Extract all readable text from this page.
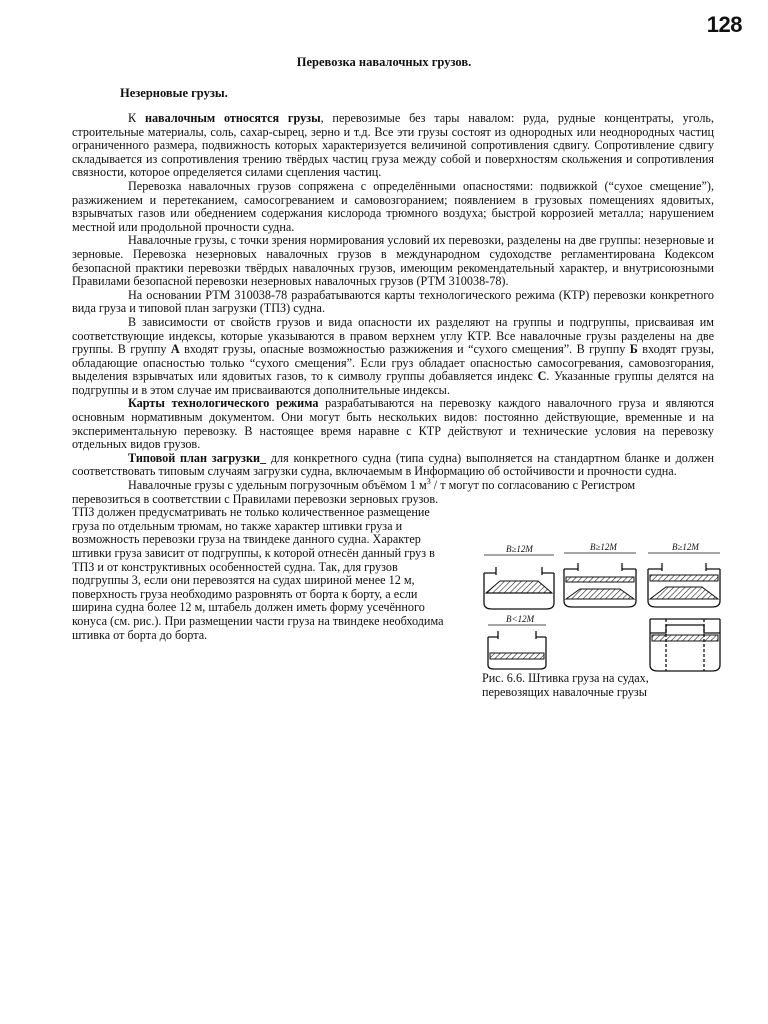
128
Перевозка навалочных грузов.
Незерновые грузы.

К навалочным относятся грузы, перевозимые без тары навалом: руда, рудные концентраты, уголь, строительные материалы, соль, сахар-сырец, зерно и т.д. Все эти грузы состоят из однородных или неоднородных частиц ограниченного размера, подвижность которых характеризуется величиной сопротивления сдвигу. Сопротивление сдвигу складывается из сопротивления трению твёрдых частиц груза между собой и поверхностям скольжения и сопротивления связности, которое определяется силами сцепления частиц.

Перевозка навалочных грузов сопряжена с определёнными опасностями: подвижкой (“сухое смещение”), разжижением и перетеканием, самосогреванием и самовозгоранием; появлением в грузовых помещениях ядовитых, взрывчатых газов или обеднением содержания кислорода трюмного воздуха; быстрой коррозией металла; нарушением местной или продольной прочности судна.

Навалочные грузы, с точки зрения нормирования условий их перевозки, разделены на две группы: незерновые и зерновые. Перевозка незерновых навалочных грузов в международном судоходстве регламентирована Кодексом безопасной практики перевозки твёрдых навалочных грузов, имеющим рекомендательный характер, и внутрисоюзными Правилами безопасной перевозки незерновых навалочных грузов (РТМ 310038-78).

На основании РТМ 310038-78 разрабатываются карты технологического режима (КТР) перевозки конкретного вида груза и типовой план загрузки (ТПЗ) судна.

В зависимости от свойств грузов и вида опасности их разделяют на группы и подгруппы, присваивая им соответствующие индексы, которые указываются в правом верхнем углу КТР. Все навалочные грузы разделены на две группы. В группу А входят грузы, опасные возможностью разжижения и “сухого смещения”. В группу Б входят грузы, обладающие опасностью только “сухого смещения”. Если груз обладает опасностью самосогревания, самовозгорания, выделения взрывчатых или ядовитых газов, то к символу группы добавляется индекс С. Указанные группы делятся на подгруппы и в этом случае им присваиваются дополнительные индексы.

Карты технологического режима разрабатываются на перевозку каждого навалочного груза и являются основным нормативным документом. Они могут быть нескольких видов: постоянно действующие, временные и на экспериментальную перевозку. В настоящее время наравне с КТР действуют и технические условия на перевозку отдельных видов грузов.

Типовой план загрузки_ для конкретного судна (типа судна) выполняется на стандартном бланке и должен соответствовать типовым случаям загрузки судна, включаемым в Информацию об остойчивости и прочности судна.

Навалочные грузы с удельным погрузочным объёмом 1 $м^3$ / т могут по согласованию с Регистром

перевозиться в соответствии с Правилами перевозки зерновых грузов.
ТПЗ должен предусматривать не только количественное размещение
груза по отдельным трюмам, но также характер штивки груза и
возможность перевозки груза на твиндеке данного судна. Характер
штивки груза зависит от подгруппы, к которой отнесён данный груз в
ТПЗ и от конструктивных особенностей судна. Так, для грузов
подгруппы 3, если они перевозятся на судах шириной менее 12 м,
поверхность груза необходимо разровнять от борта к борту, а если
ширина судна более 12 м, штабель должен иметь форму усечённого
конуса (см. рис.). При размещении части груза на твиндеке необходима
штивка от борта до борта.
B≥12M	B≥12M	B≥12M
B<12M
Рис. 6.6. Штивка груза на судах,
перевозящих навалочные грузы
